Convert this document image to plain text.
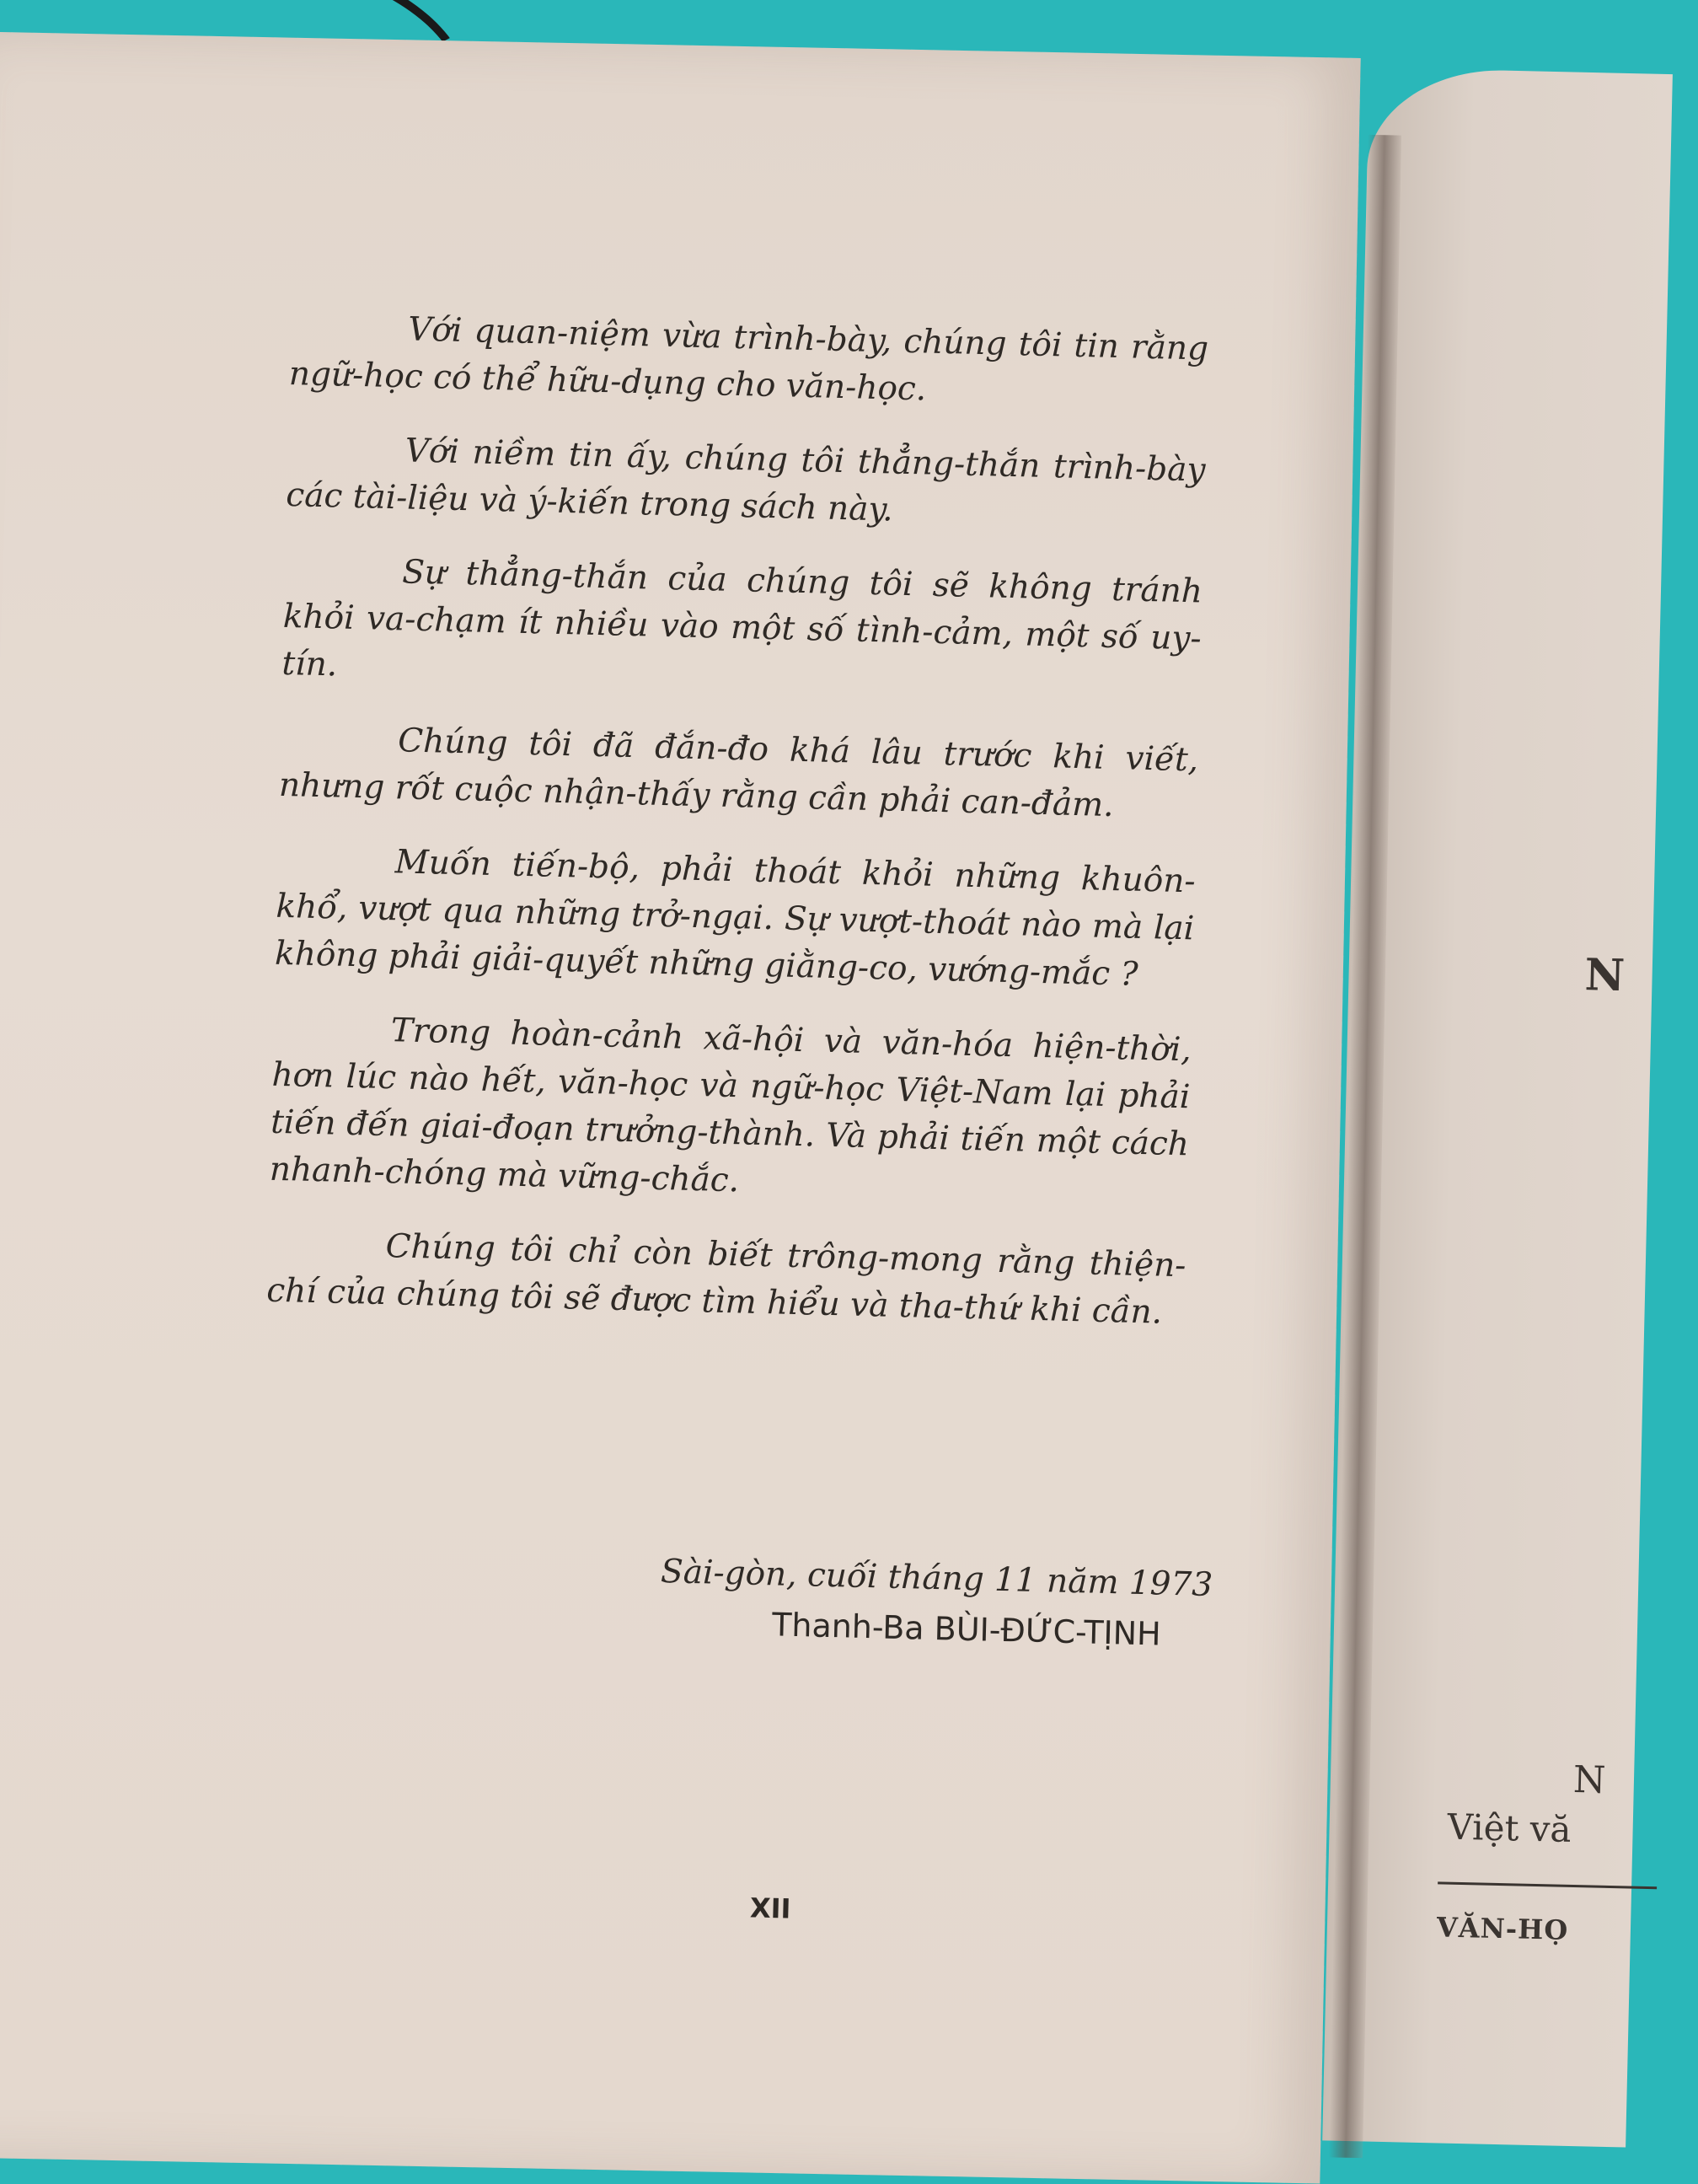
N
N
Việt vă
VĂN-HỌ

Với quan-niệm vừa trình-bày, chúng tôi tin rằng ngữ-học có thể hữu-dụng cho văn-học.

Với niềm tin ấy, chúng tôi thẳng-thắn trình-bày các tài-liệu và ý-kiến trong sách này.

Sự thẳng-thắn của chúng tôi sẽ không tránh khỏi va-chạm ít nhiều vào một số tình-cảm, một số uy-tín.

Chúng tôi đã đắn-đo khá lâu trước khi viết, nhưng rốt cuộc nhận-thấy rằng cần phải can-đảm.

Muốn tiến-bộ, phải thoát khỏi những khuôn-khổ, vượt qua những trở-ngại. Sự vượt-thoát nào mà lại không phải giải-quyết những giằng-co, vướng-mắc ?

Trong hoàn-cảnh xã-hội và văn-hóa hiện-thời, hơn lúc nào hết, văn-học và ngữ-học Việt-Nam lại phải tiến đến giai-đoạn trưởng-thành. Và phải tiến một cách nhanh-chóng mà vững-chắc.

Chúng tôi chỉ còn biết trông-mong rằng thiện-chí của chúng tôi sẽ được tìm hiểu và tha-thứ khi cần.

Sài-gòn, cuối tháng 11 năm 1973
Thanh-Ba BÙI-ĐỨC-TỊNH
XII
